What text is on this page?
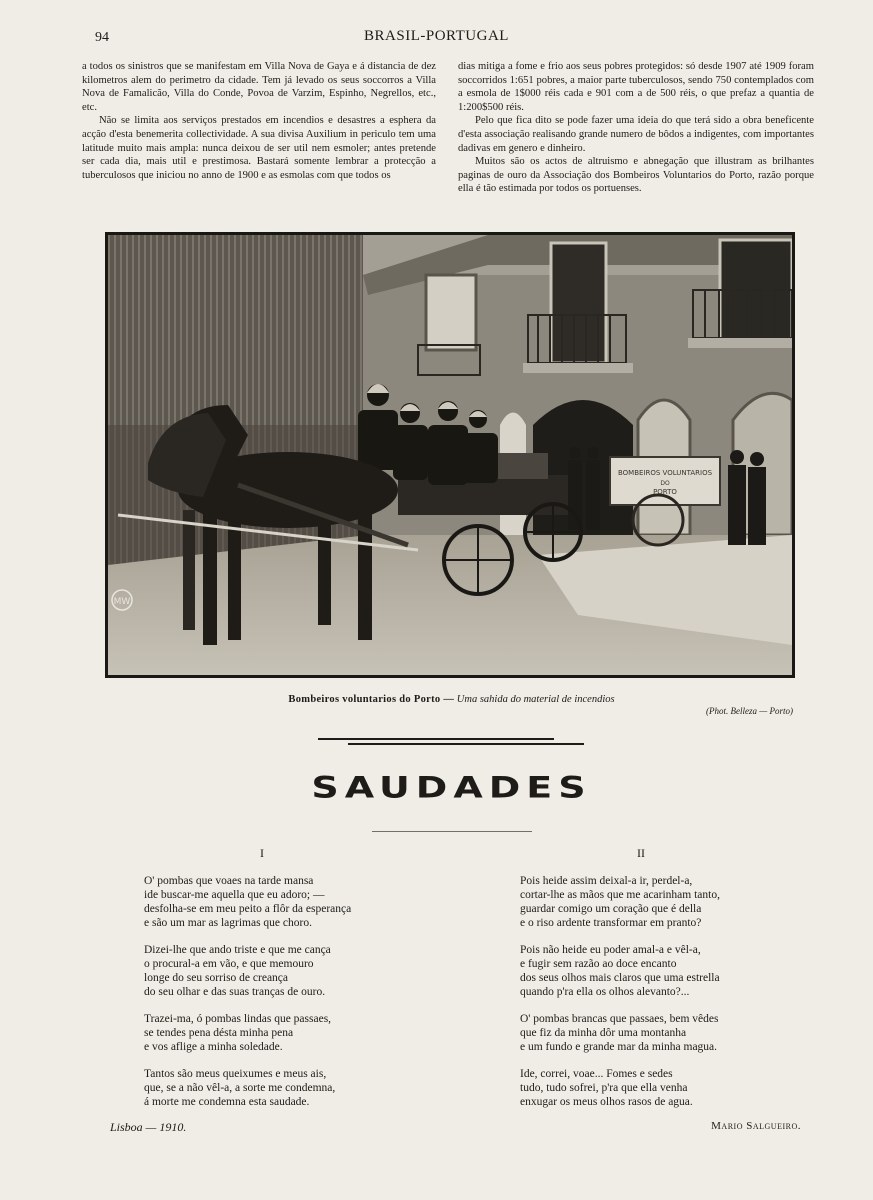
94	BRASIL-PORTUGAL

a todos os sinistros que se manifestam em Villa Nova de Gaya e á distancia de dez kilometros alem do perimetro da cidade. Tem já levado os seus soccorros a Villa Nova de Famalicão, Villa do Conde, Povoa de Varzim, Espinho, Negrellos, etc., etc.

Não se limita aos serviços prestados em incendios e desastres a esphera da acção d'esta benemerita collectividade. A sua divisa Auxilium in periculo tem uma latitude muito mais ampla: nunca deixou de ser util nem esmoler; antes pretende ser cada dia, mais util e prestimosa. Bastará somente lembrar a protecção a tuberculosos que iniciou no anno de 1900 e as esmolas com que todos os

dias mitiga a fome e frio aos seus pobres protegidos: só desde 1907 até 1909 foram soccorridos 1:651 pobres, a maior parte tuberculosos, sendo 750 contemplados com a esmola de 1$000 réis cada e 901 com a de 500 réis, o que prefaz a quantia de 1:200$500 réis.

Pelo que fica dito se pode fazer uma ideia do que terá sido a obra beneficente d'esta associação realisando grande numero de bôdos a indigentes, com importantes dadivas em genero e dinheiro.

Muitos são os actos de altruismo e abnegação que illustram as brilhantes paginas de ouro da Associação dos Bombeiros Voluntarios do Porto, razão porque ella é tão estimada por todos os portuenses.

BOMBEIROS VOLUNTARIOS
DO
PORTO
MW
Bombeiros voluntarios do Porto — Uma sahida do material de incendios
(Phot. Belleza — Porto)
SAUDADES
I
O' pombas que voaes na tarde mansa
ide buscar-me aquella que eu adoro; —
desfolha-se em meu peito a flôr da esperança
e são um mar as lagrimas que choro.
Dizei-lhe que ando triste e que me cança
o procural-a em vão, e que memouro
longe do seu sorriso de creança
do seu olhar e das suas tranças de ouro.
Trazei-ma, ó pombas lindas que passaes,
se tendes pena désta minha pena
e vos aflige a minha soledade.
Tantos são meus queixumes e meus ais,
que, se a não vêl-a, a sorte me condemna,
á morte me condemna esta saudade.
II
Pois heide assim deixal-a ir, perdel-a,
cortar-lhe as mãos que me acarinham tanto,
guardar comigo um coração que é della
e o riso ardente transformar em pranto?
Pois não heide eu poder amal-a e vêl-a,
e fugir sem razão ao doce encanto
dos seus olhos mais claros que uma estrella
quando p'ra ella os olhos alevanto?...
O' pombas brancas que passaes, bem vêdes
que fiz da minha dôr uma montanha
e um fundo e grande mar da minha magua.
Ide, correi, voae... Fomes e sedes
tudo, tudo sofrei, p'ra que ella venha
enxugar os meus olhos rasos de agua.
Lisboa — 1910.	Mario Salgueiro.
